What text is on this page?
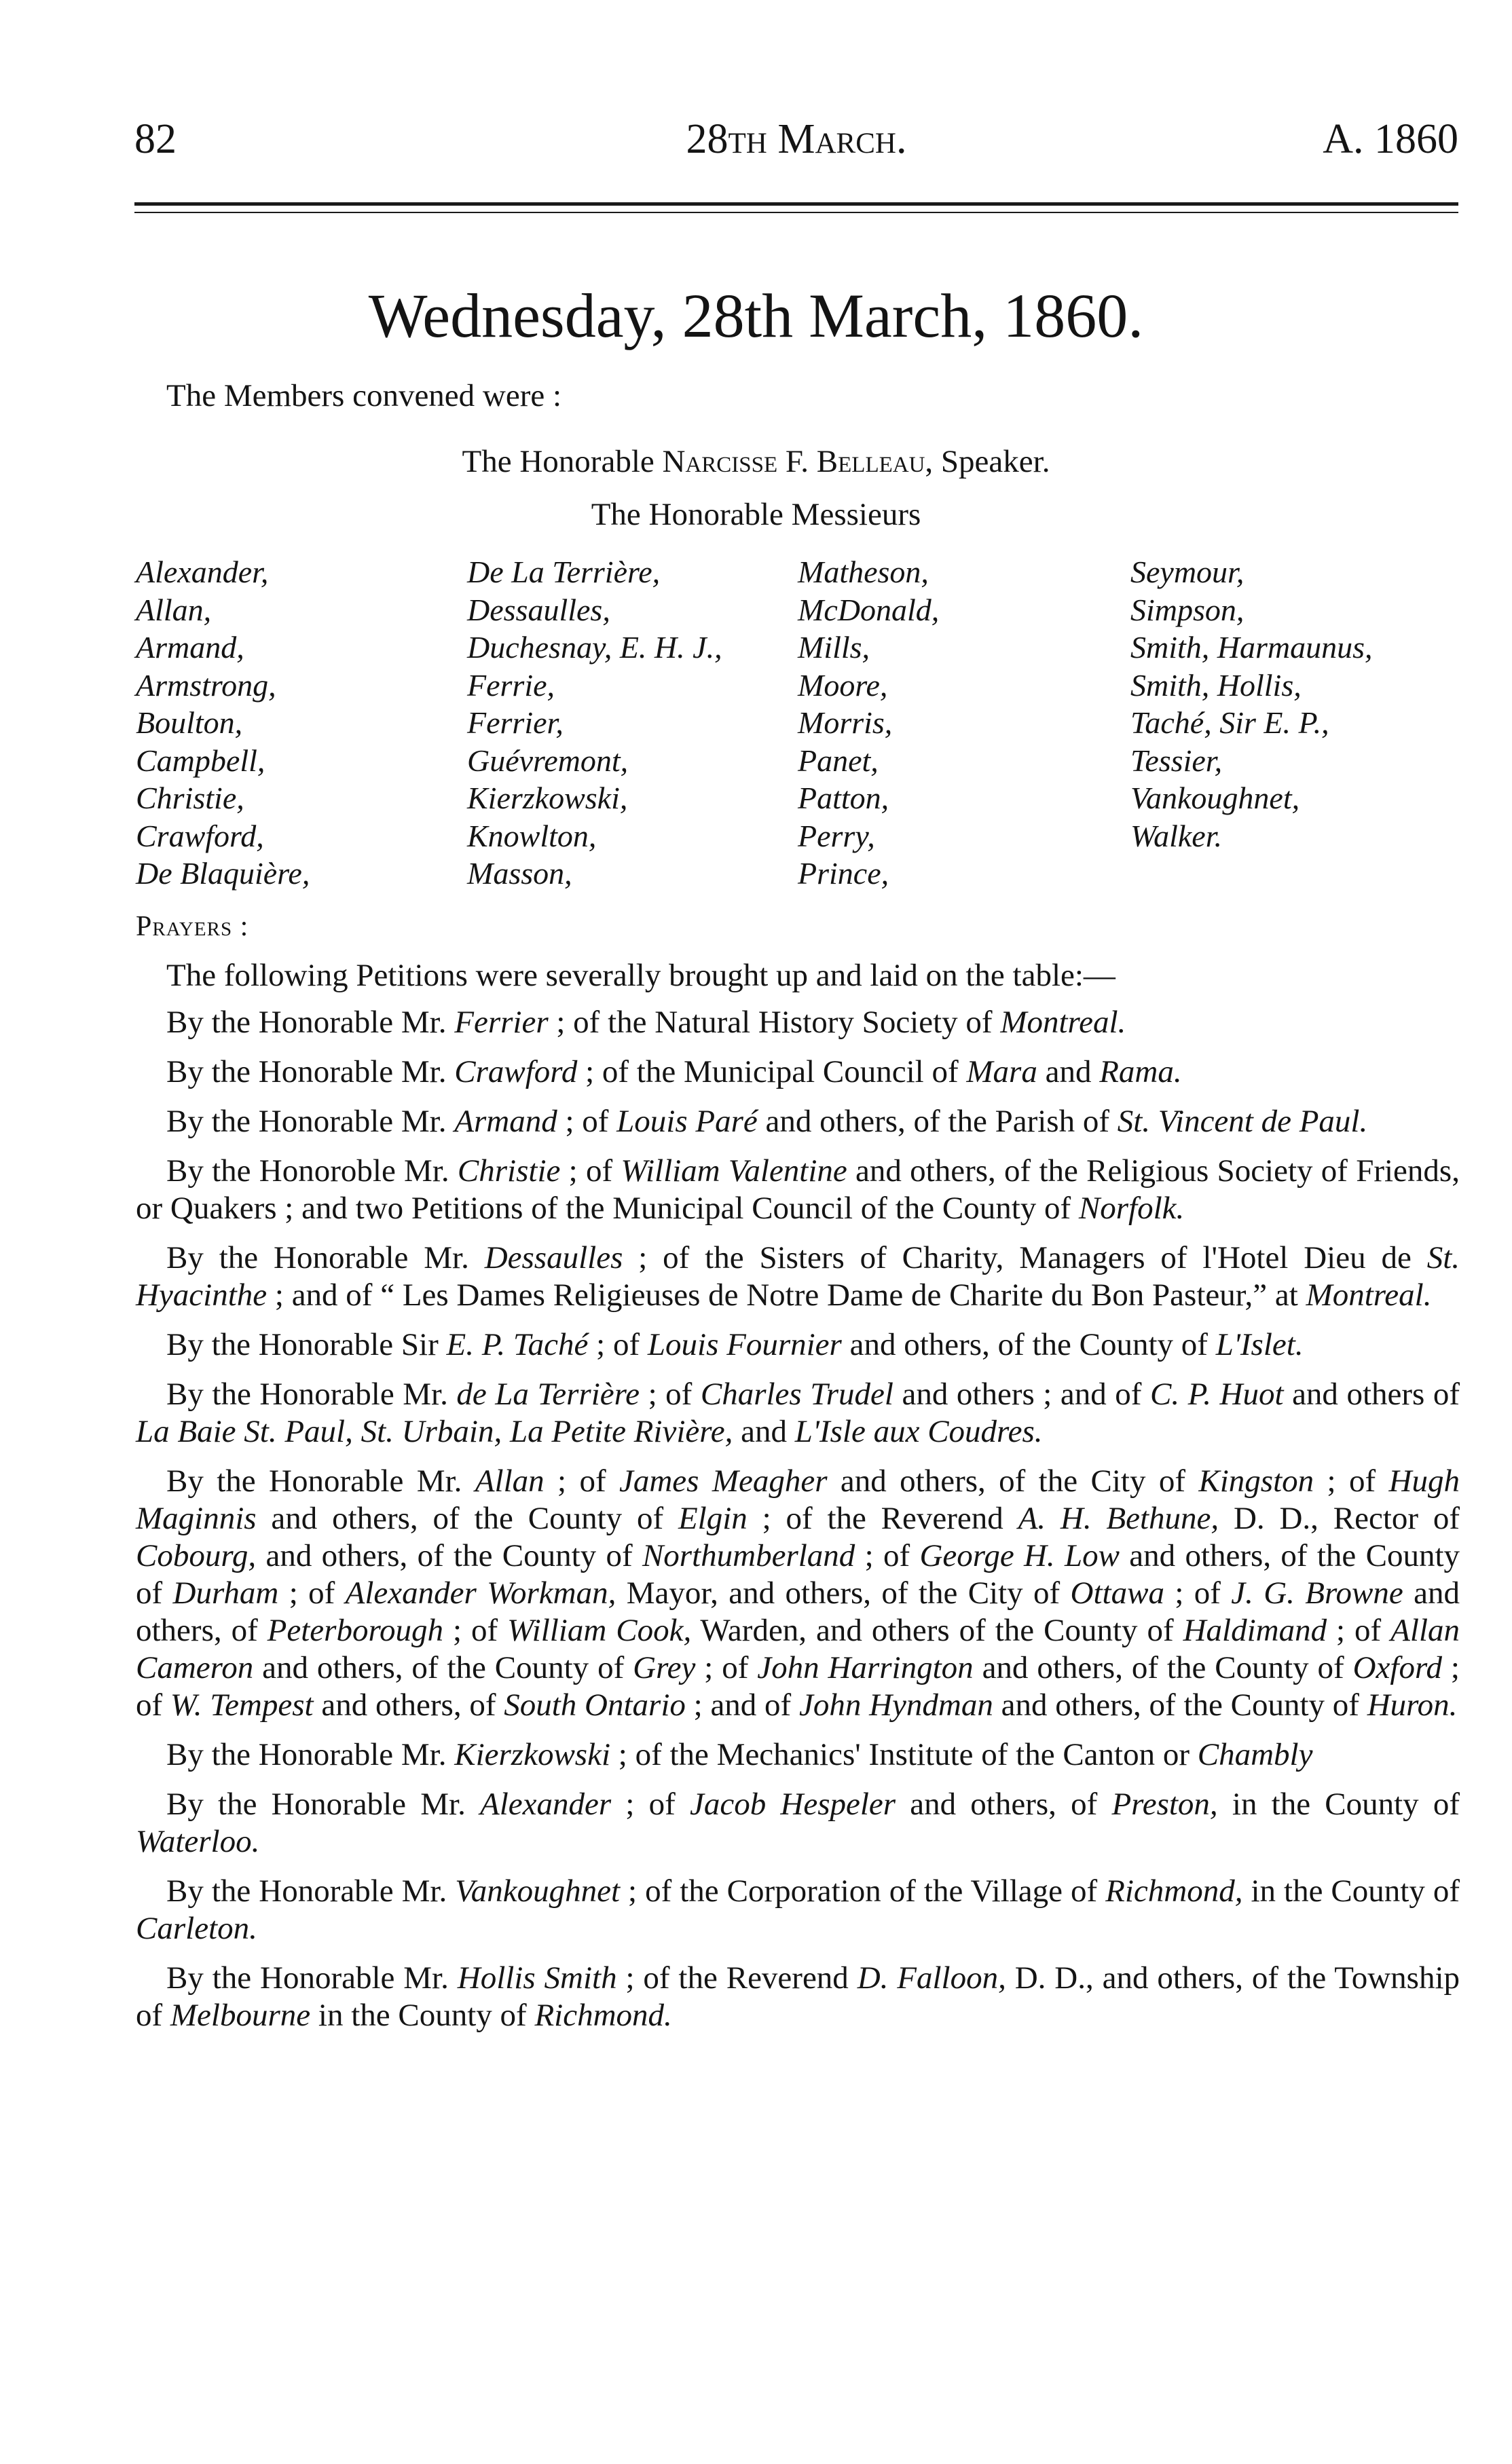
82	28th March.	A. 1860
Wednesday, 28th March, 1860.
The Members convened were :
The Honorable Narcisse F. Belleau, Speaker.
The Honorable Messieurs
Alexander,
Allan,
Armand,
Armstrong,
Boulton,
Campbell,
Christie,
Crawford,
De Blaquière,
De La Terrière,
Dessaulles,
Duchesnay, E. H. J.,
Ferrie,
Ferrier,
Guévremont,
Kierzkowski,
Knowlton,
Masson,
Matheson,
McDonald,
Mills,
Moore,
Morris,
Panet,
Patton,
Perry,
Prince,
Seymour,
Simpson,
Smith, Harmaunus,
Smith, Hollis,
Taché, Sir E. P.,
Tessier,
Vankoughnet,
Walker.
Prayers :

The following Petitions were severally brought up and laid on the table:—

By the Honorable Mr. Ferrier ; of the Natural History Society of Montreal.

By the Honorable Mr. Crawford ; of the Municipal Council of Mara and Rama.

By the Honorable Mr. Armand ; of Louis Paré and others, of the Parish of St. Vincent de Paul.

By the Honoroble Mr. Christie ; of William Valentine and others, of the Religious Society of Friends, or Quakers ; and two Petitions of the Municipal Council of the County of Norfolk.

By the Honorable Mr. Dessaulles ; of the Sisters of Charity, Managers of l'Hotel Dieu de St. Hyacinthe ; and of “ Les Dames Religieuses de Notre Dame de Charite du Bon Pasteur,” at Montreal.

By the Honorable Sir E. P. Taché ; of Louis Fournier and others, of the County of L'Islet.

By the Honorable Mr. de La Terrière ; of Charles Trudel and others ; and of C. P. Huot and others of La Baie St. Paul, St. Urbain, La Petite Rivière, and L'Isle aux Coudres.

By the Honorable Mr. Allan ; of James Meagher and others, of the City of Kingston ; of Hugh Maginnis and others, of the County of Elgin ; of the Reverend A. H. Bethune, D. D., Rector of Cobourg, and others, of the County of Northumberland ; of George H. Low and others, of the County of Durham ; of Alexander Workman, Mayor, and others, of the City of Ottawa ; of J. G. Browne and others, of Peterborough ; of William Cook, Warden, and others of the County of Haldimand ; of Allan Cameron and others, of the County of Grey ; of John Harrington and others, of the County of Oxford ; of W. Tempest and others, of South Ontario ; and of John Hyndman and others, of the County of Huron.

By the Honorable Mr. Kierzkowski ; of the Mechanics' Institute of the Canton or Chambly

By the Honorable Mr. Alexander ; of Jacob Hespeler and others, of Preston, in the County of Waterloo.

By the Honorable Mr. Vankoughnet ; of the Corporation of the Village of Richmond, in the County of Carleton.

By the Honorable Mr. Hollis Smith ; of the Reverend D. Falloon, D. D., and others, of the Township of Melbourne in the County of Richmond.
